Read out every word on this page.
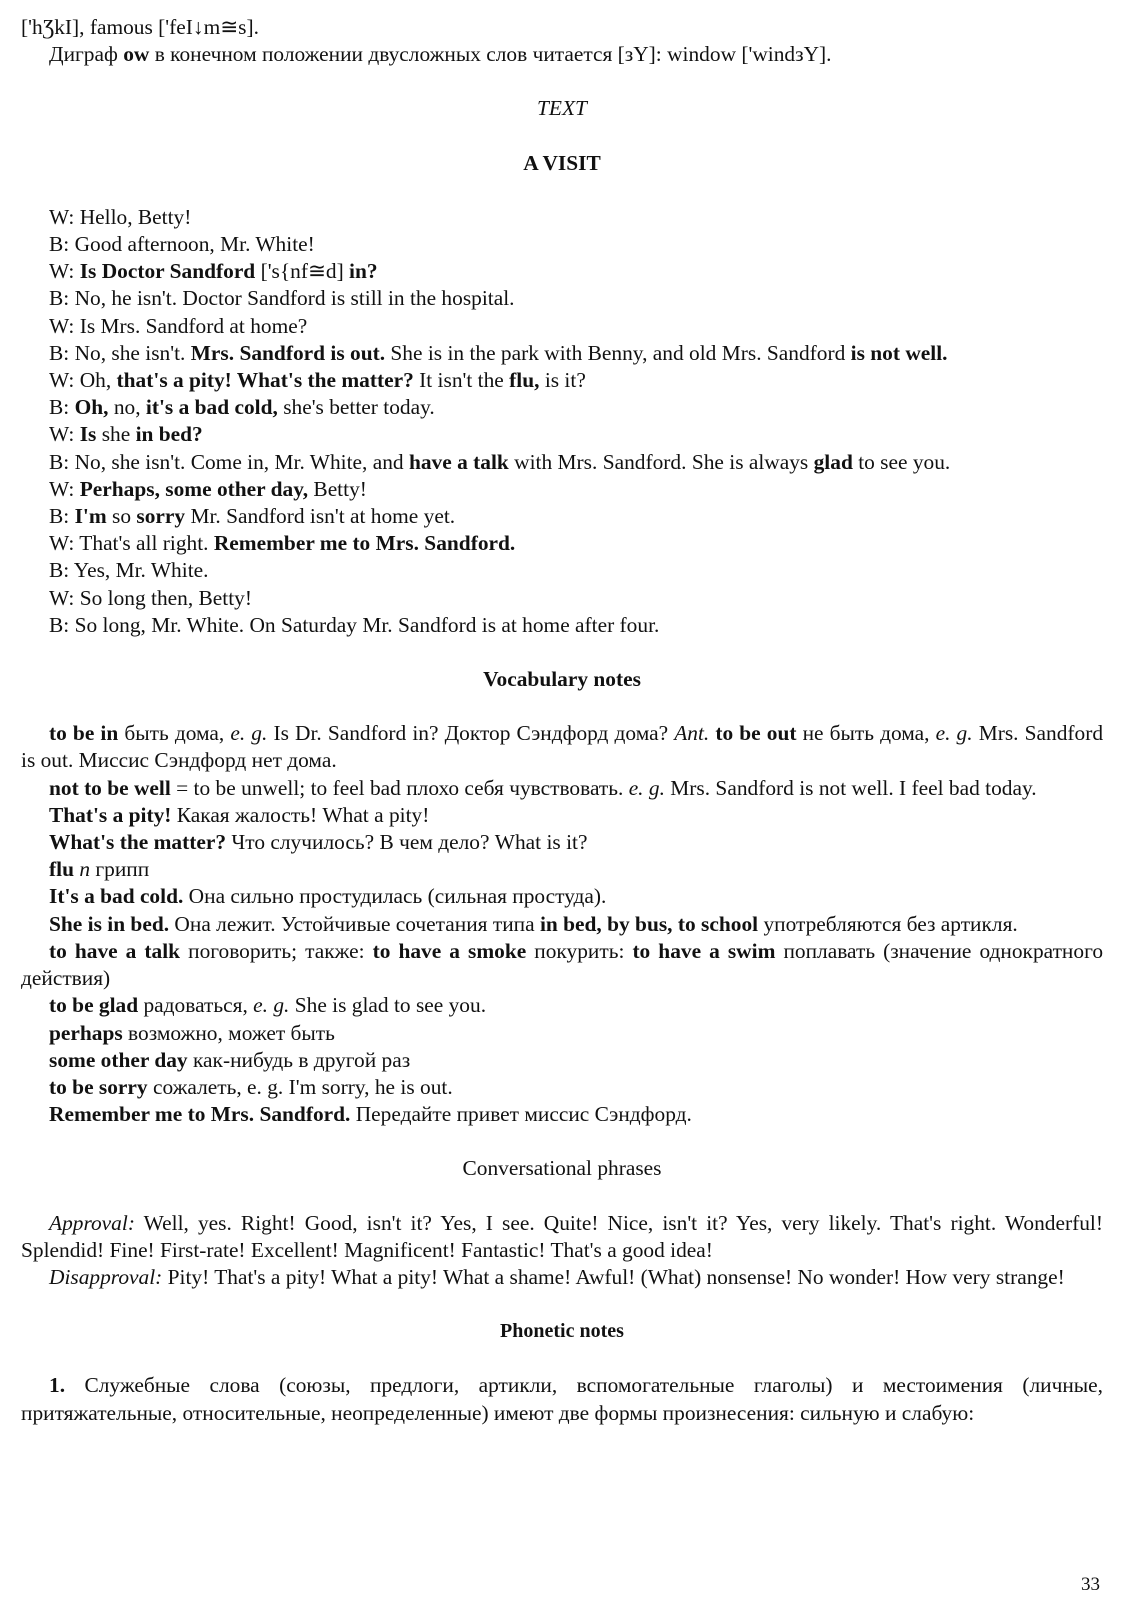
['hƷkI], famous ['feI↓m≅s].

Диграф ow в конечном положении двусложных слов читается [зY]: window ['windзY].

TEXT

A VISIT

W: Hello, Betty!

B: Good afternoon, Mr. White!

W: Is Doctor Sandford ['s{nf≅d] in?

B: No, he isn't. Doctor Sandford is still in the hospital.

W: Is Mrs. Sandford at home?

B: No, she isn't. Mrs. Sandford is out. She is in the park with Benny, and old Mrs. Sandford is not well.

W: Oh, that's a pity! What's the matter? It isn't the flu, is it?

B: Oh, no, it's a bad cold, she's better today.

W: Is she in bed?

B: No, she isn't. Come in, Mr. White, and have a talk with Mrs. Sandford. She is always glad to see you.

W: Perhaps, some other day, Betty!

B: I'm so sorry Mr. Sandford isn't at home yet.

W: That's all right. Remember me to Mrs. Sandford.

B: Yes, Mr. White.

W: So long then, Betty!

B: So long, Mr. White. On Saturday Mr. Sandford is at home after four.

Vocabulary notes

to be in быть дома, e. g. Is Dr. Sandford in? Доктор Сэндфорд дома? Ant. to be out не быть дома, e. g. Mrs. Sandford is out. Миссис Сэндфорд нет дома.

not to be well = to be unwell; to feel bad плохо себя чувствовать. e. g. Mrs. Sandford is not well. I feel bad today.

That's a pity! Какая жалость! What a pity!

What's the matter? Что случилось? В чем дело? What is it?

flu n грипп

It's a bad cold. Она сильно простудилась (сильная простуда).

She is in bed. Она лежит. Устойчивые сочетания типа in bed, by bus, to school употребляются без артикля.

to have a talk поговорить; также: to have a smoke покурить: to have a swim поплавать (значение однократного действия)

to be glad радоваться, e. g. She is glad to see you.

perhaps возможно, может быть

some other day как-нибудь в другой раз

to be sorry сожалеть, e. g. I'm sorry, he is out.

Remember me to Mrs. Sandford. Передайте привет миссис Сэндфорд.

Conversational phrases

Approval: Well, yes. Right! Good, isn't it? Yes, I see. Quite! Nice, isn't it? Yes, very likely. That's right. Wonderful! Splendid! Fine! First-rate! Excellent! Magnificent! Fantastic! That's a good idea!

Disapproval: Pity! That's a pity! What a pity! What a shame! Awful! (What) nonsense! No wonder! How very strange!

Phonetic notes

1. Служебные слова (союзы, предлоги, артикли, вспомогательные глаголы) и местоимения (личные, притяжательные, относительные, неопределенные) имеют две формы произнесения: сильную и слабую:

33
